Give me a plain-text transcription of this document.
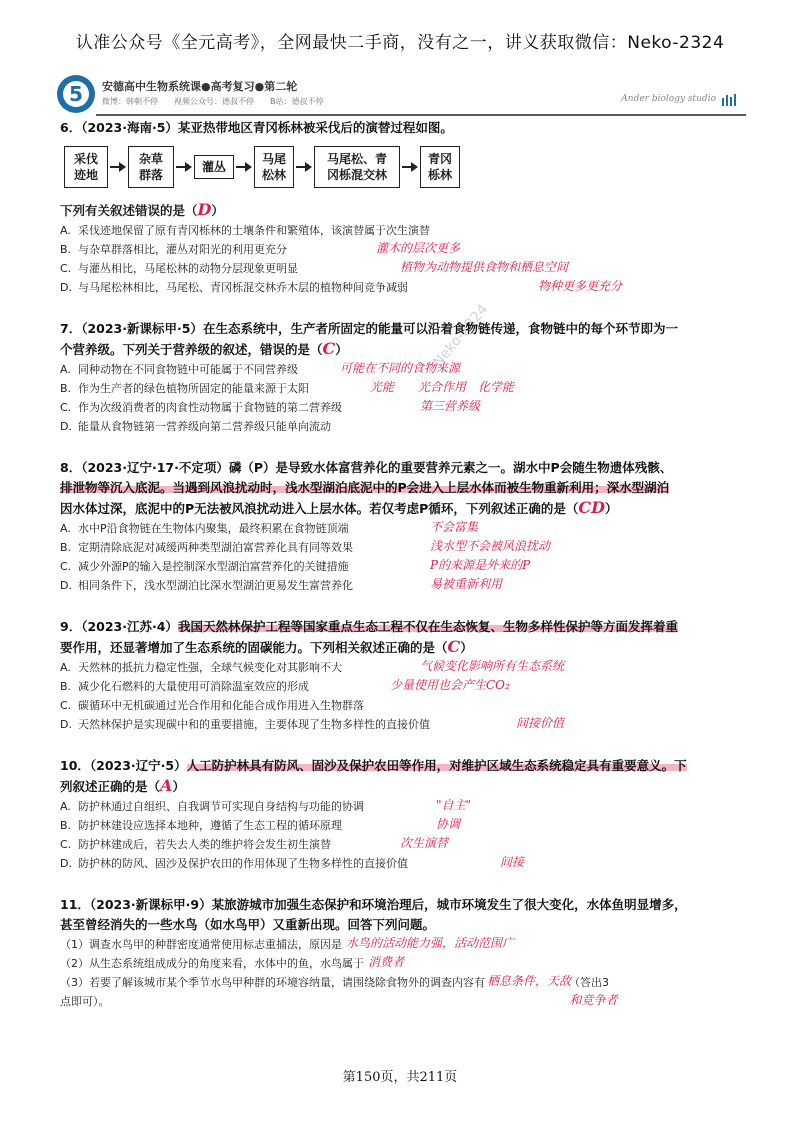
认准公众号《全元高考》，全网最快二手商，没有之一，讲义获取微信：Neko-2324
5 安德高中生物系统课●高考复习●第二轮
微博：韩朝不停　　视频公众号：德叔不停　　B站：德叔不停	Ander biology studio
Neko-2324
6．（2023·海南·5）某亚热带地区青冈栎林被采伐后的演替过程如图。
采伐
迹地
杂草
群落
灌丛
马尾
松林
马尾松、青
冈栎混交林
青冈
栎林
下列有关叙述错误的是（D）
A. 采伐迹地保留了原有青冈栎林的土壤条件和繁殖体，该演替属于次生演替
B. 与杂草群落相比，灌丛对阳光的利用更充分	灌木的层次更多
C. 与灌丛相比，马尾松林的动物分层现象更明显	植物为动物提供食物和栖息空间
D. 与马尾松林相比，马尾松、青冈栎混交林乔木层的植物种间竞争减弱	物种更多更充分
7．（2023·新课标甲·5）在生态系统中，生产者所固定的能量可以沿着食物链传递，食物链中的每个环节即为一
个营养级。下列关于营养级的叙述，错误的是（C）
A. 同种动物在不同食物链中可能属于不同营养级	可能在不同的食物来源
B. 作为生产者的绿色植物所固定的能量来源于太阳	光能　　光合作用　化学能
C. 作为次级消费者的肉食性动物属于食物链的第二营养级	第三营养级
D. 能量从食物链第一营养级向第二营养级只能单向流动
8．（2023·辽宁·17·不定项）磷（P）是导致水体富营养化的重要营养元素之一。湖水中P会随生物遗体残骸、
排泄物等沉入底泥。当遇到风浪扰动时，浅水型湖泊底泥中的P会进入上层水体而被生物重新利用；深水型湖泊
因水体过深，底泥中的P无法被风浪扰动进入上层水体。若仅考虑P循环，下列叙述正确的是（CD）
A. 水中P沿食物链在生物体内聚集，最终积累在食物链顶端	不会富集
B. 定期清除底泥对减缓两种类型湖泊富营养化具有同等效果	浅水型不会被风浪扰动
C. 减少外源P的输入是控制深水型湖泊富营养化的关键措施	P的来源是外来的P
D. 相同条件下，浅水型湖泊比深水型湖泊更易发生富营养化	易被重新利用
9．（2023·江苏·4）我国天然林保护工程等国家重点生态工程不仅在生态恢复、生物多样性保护等方面发挥着重
要作用，还显著增加了生态系统的固碳能力。下列相关叙述正确的是（C）
A. 天然林的抵抗力稳定性强，全球气候变化对其影响不大	气候变化影响所有生态系统
B. 减少化石燃料的大量使用可消除温室效应的形成	少量使用也会产生CO₂
C. 碳循环中无机碳通过光合作用和化能合成作用进入生物群落
D. 天然林保护是实现碳中和的重要措施，主要体现了生物多样性的直接价值	间接价值
10．（2023·辽宁·5）人工防护林具有防风、固沙及保护农田等作用，对维护区域生态系统稳定具有重要意义。下
列叙述正确的是（A）
A. 防护林通过自组织、自我调节可实现自身结构与功能的协调	"自主"
B. 防护林建设应选择本地种，遵循了生态工程的循环原理	协调
C. 防护林建成后，若失去人类的维护将会发生初生演替	次生演替
D. 防护林的防风、固沙及保护农田的作用体现了生物多样性的直接价值	间接
11．（2023·新课标甲·9）某旅游城市加强生态保护和环境治理后，城市环境发生了很大变化，水体鱼明显增多，
甚至曾经消失的一些水鸟（如水鸟甲）又重新出现。回答下列问题。
（1）调查水鸟甲的种群密度通常使用标志重捕法，原因是 水鸟的活动能力强，活动范围广
（2）从生态系统组成成分的角度来看，水体中的鱼，水鸟属于 消费者
（3）若要了解该城市某个季节水鸟甲种群的环境容纳量，请围绕除食物外的调查内容有 栖息条件，天敌（答出3
点即可）。	和竞争者
第150页，共211页
